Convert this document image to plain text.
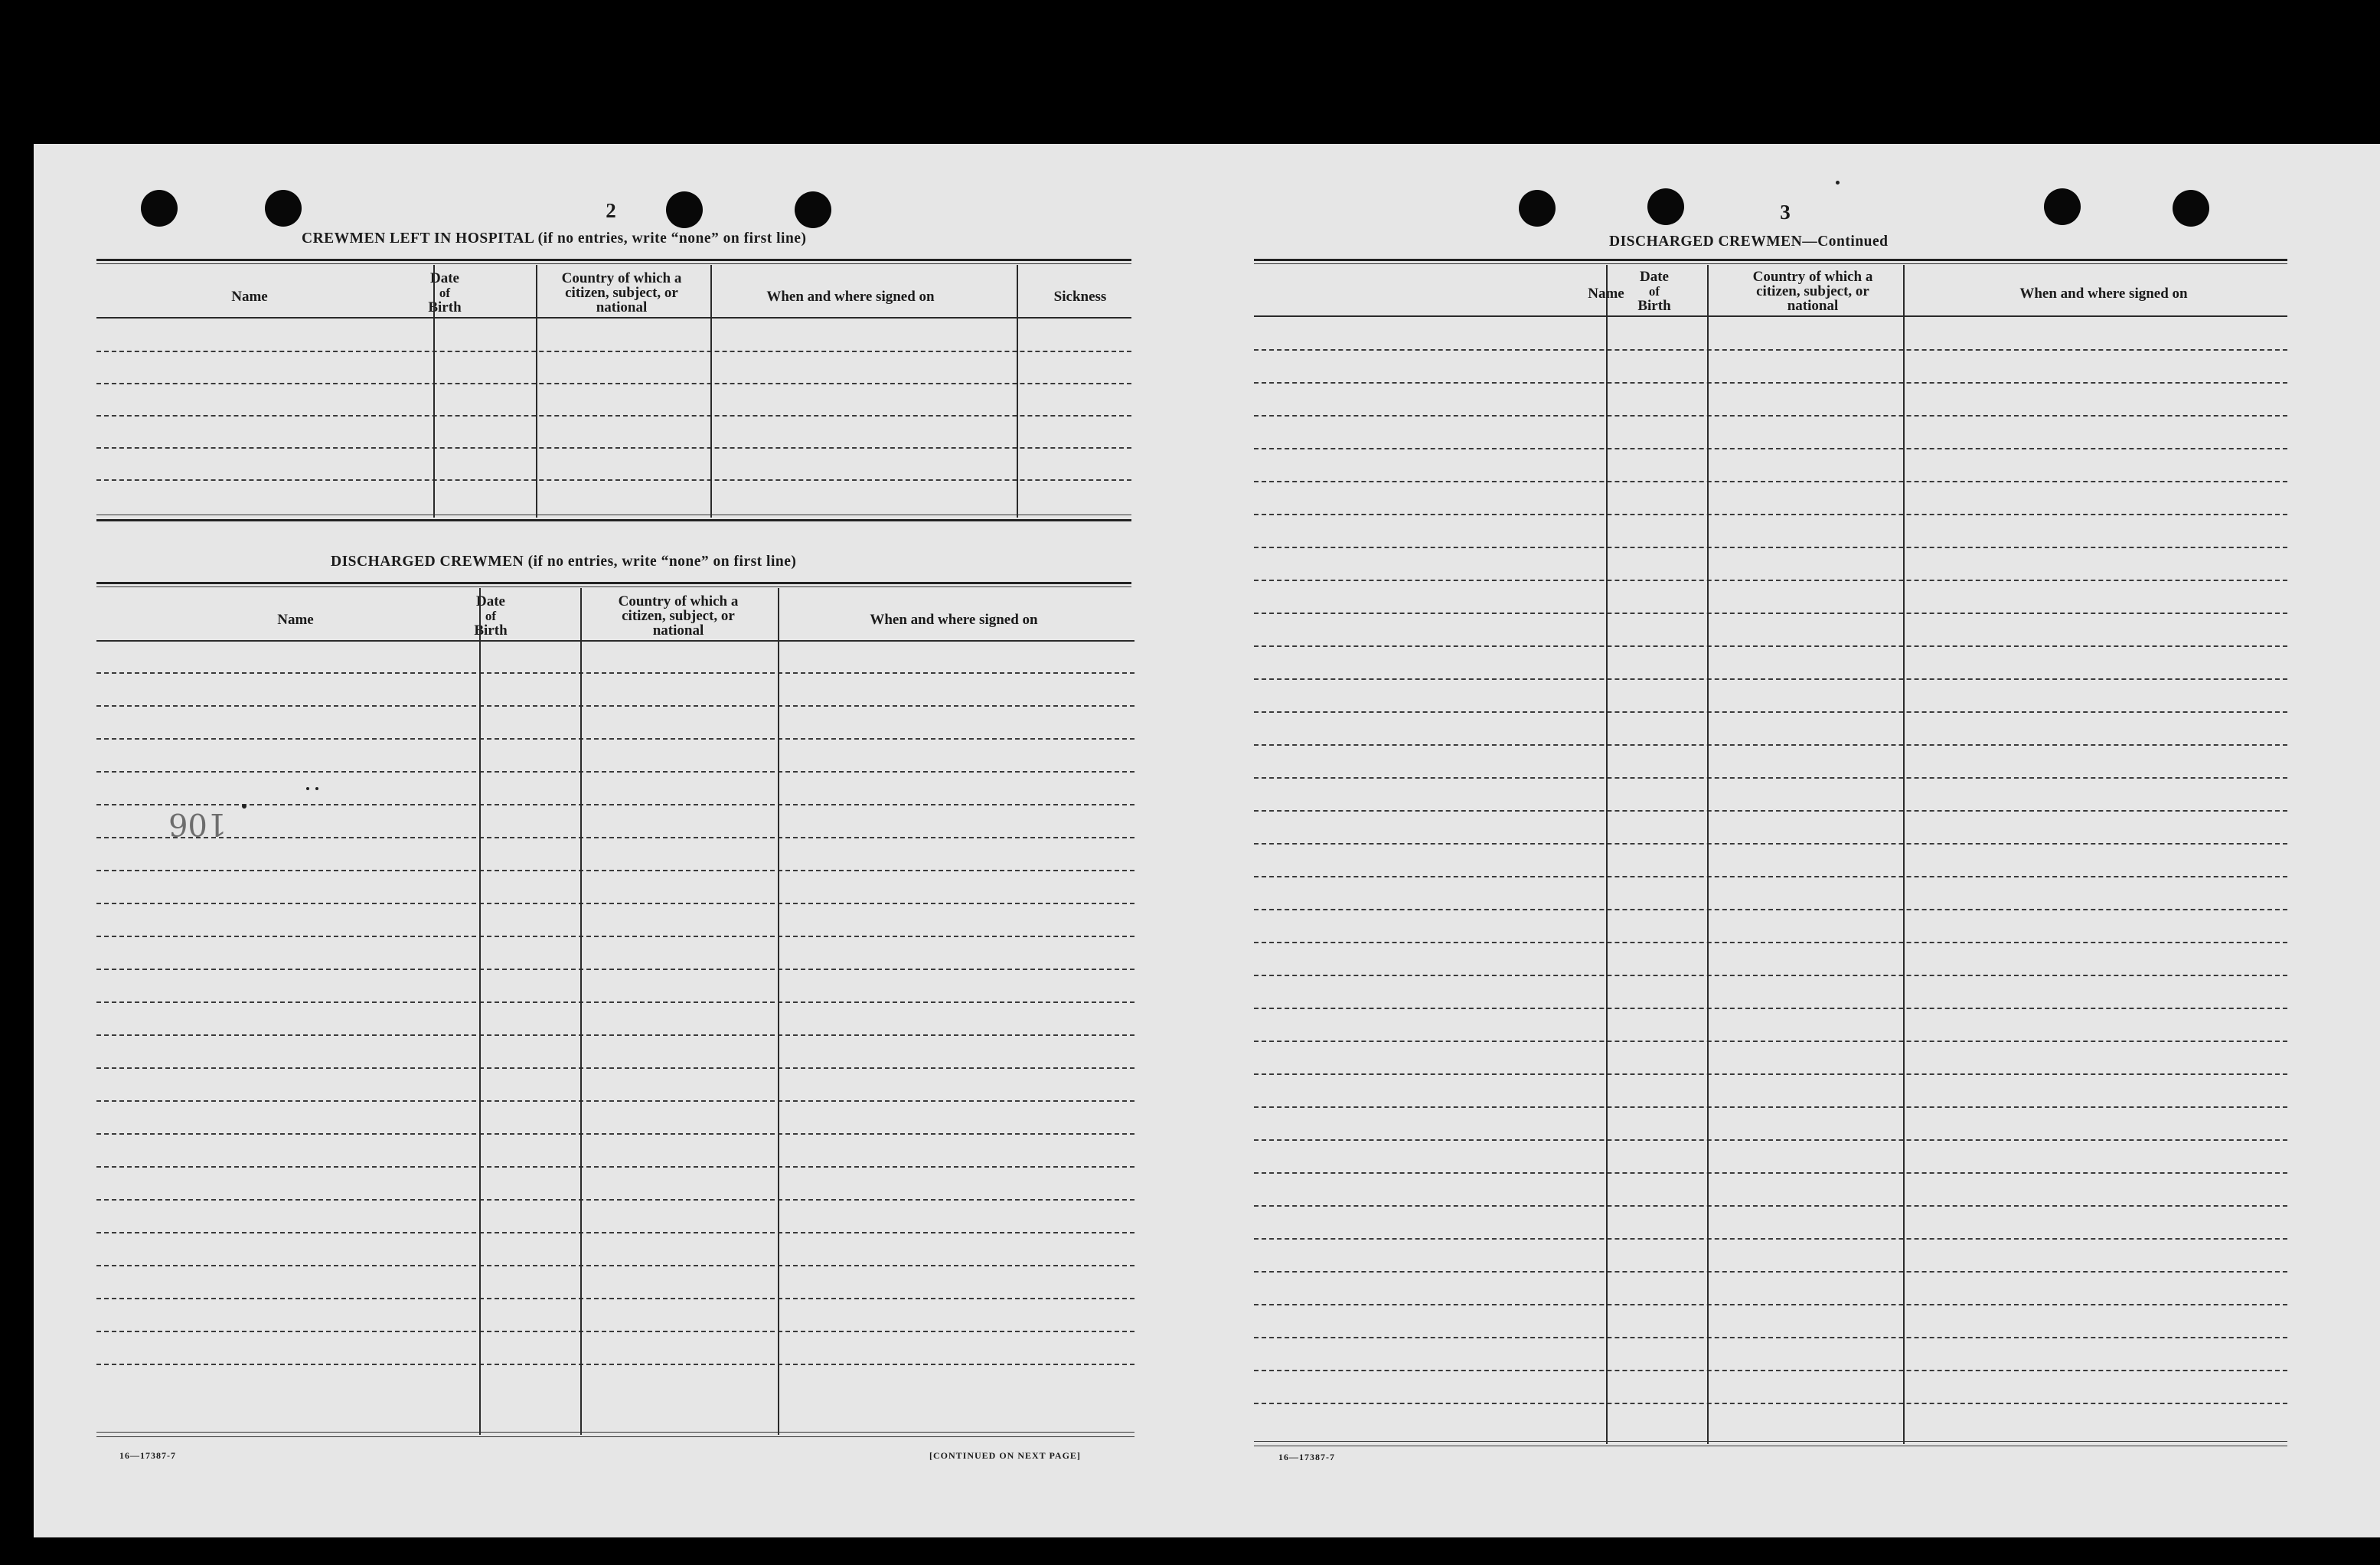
2
CREWMEN LEFT IN HOSPITAL (if no entries, write “none” on first line)
Name
Date
of
Birth
Country of which a
citizen, subject, or
national
When and where signed on	Sickness
DISCHARGED CREWMEN (if no entries, write “none” on first line)
Name
Date
of
Birth
Country of which a
citizen, subject, or
national
When and where signed on
106
16—17387-7	[CONTINUED ON NEXT PAGE]
3
DISCHARGED CREWMEN—Continued
Name
Date
of
Birth
Country of which a
citizen, subject, or
national
When and where signed on
16—17387-7
